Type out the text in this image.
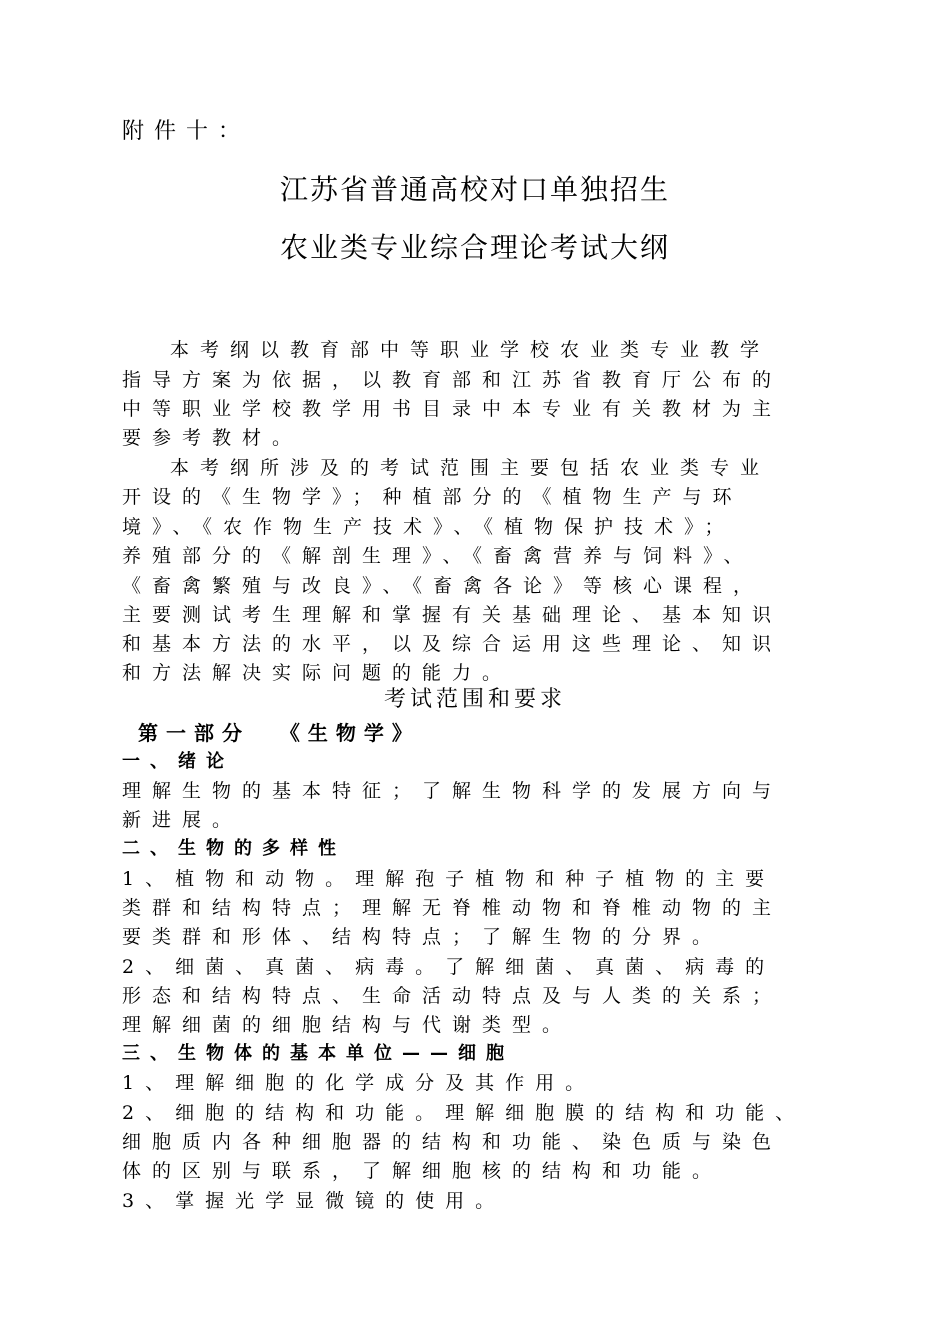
附件十：
江苏省普通高校对口单独招生
农业类专业综合理论考试大纲
本考纲以教育部中等职业学校农业类专业教学
指导方案为依据，以教育部和江苏省教育厅公布的
中等职业学校教学用书目录中本专业有关教材为主
要参考教材。
本考纲所涉及的考试范围主要包括农业类专业
开设的《生物学》；种植部分的《植物生产与环
境》、《农作物生产技术》、《植物保护技术》；
养殖部分的《解剖生理》、《畜禽营养与饲料》、
《畜禽繁殖与改良》、《畜禽各论》等核心课程，
主要测试考生理解和掌握有关基础理论、基本知识
和基本方法的水平，以及综合运用这些理论、知识
和方法解决实际问题的能力。
考试范围和要求
第一部分  《生物学》
一、绪论
理解生物的基本特征；了解生物科学的发展方向与
新进展。
二、生物的多样性
1、植物和动物。理解孢子植物和种子植物的主要
类群和结构特点；理解无脊椎动物和脊椎动物的主
要类群和形体、结构特点；了解生物的分界。
2、细菌、真菌、病毒。了解细菌、真菌、病毒的
形态和结构特点、生命活动特点及与人类的关系；
理解细菌的细胞结构与代谢类型。
三、生物体的基本单位——细胞
1、理解细胞的化学成分及其作用。
2、细胞的结构和功能。理解细胞膜的结构和功能、
细胞质内各种细胞器的结构和功能、染色质与染色
体的区别与联系，了解细胞核的结构和功能。
3、掌握光学显微镜的使用。
